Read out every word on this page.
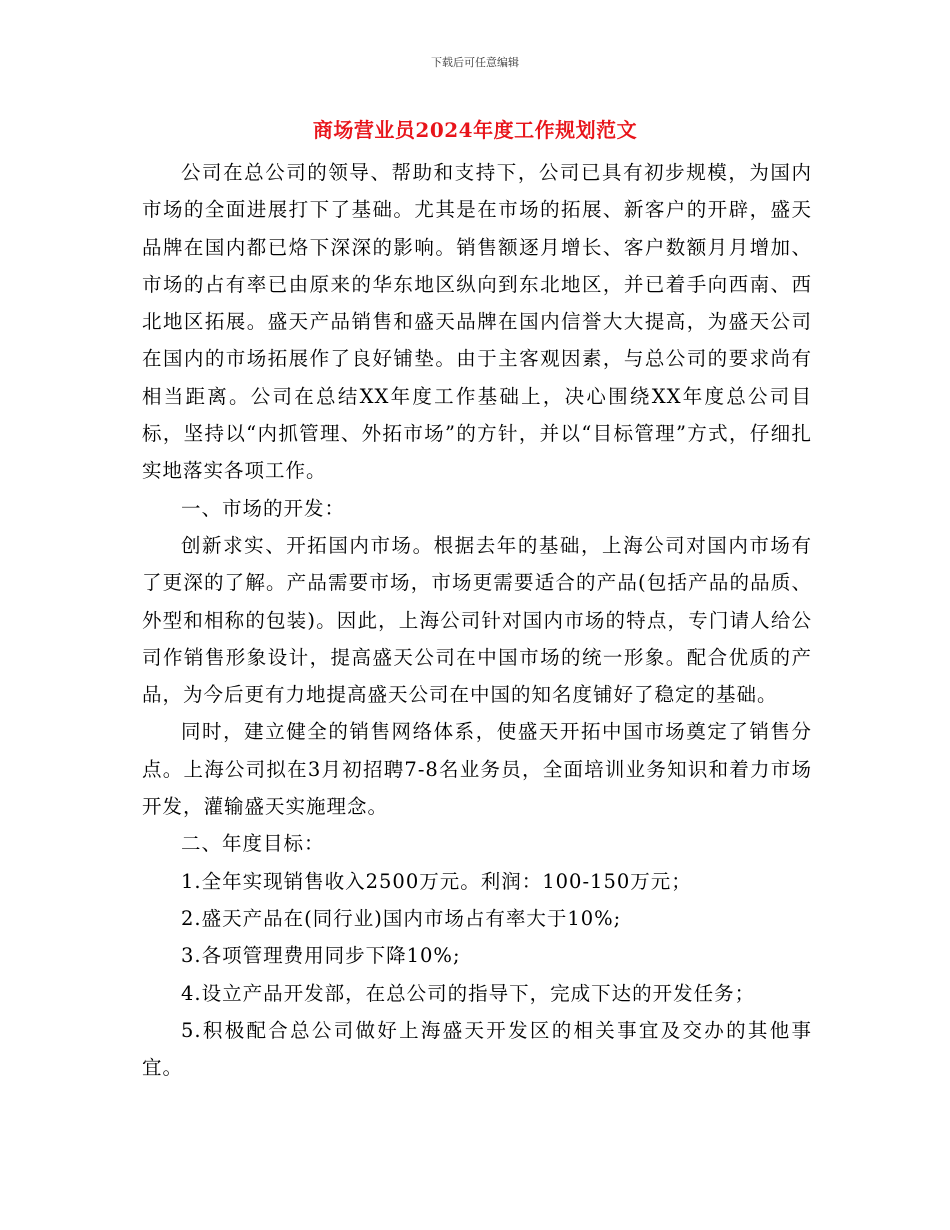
下载后可任意编辑
商场营业员2024年度工作规划范文

公司在总公司的领导、帮助和支持下，公司已具有初步规模，为国内市场的全面进展打下了基础。尤其是在市场的拓展、新客户的开辟，盛天品牌在国内都已烙下深深的影响。销售额逐月增长、客户数额月月增加、市场的占有率已由原来的华东地区纵向到东北地区，并已着手向西南、西北地区拓展。盛天产品销售和盛天品牌在国内信誉大大提高，为盛天公司在国内的市场拓展作了良好铺垫。由于主客观因素，与总公司的要求尚有相当距离。公司在总结XX年度工作基础上，决心围绕XX年度总公司目标，坚持以“内抓管理、外拓市场”的方针，并以“目标管理”方式，仔细扎实地落实各项工作。

一、市场的开发：

创新求实、开拓国内市场。根据去年的基础，上海公司对国内市场有了更深的了解。产品需要市场，市场更需要适合的产品(包括产品的品质、外型和相称的包装)。因此，上海公司针对国内市场的特点，专门请人给公司作销售形象设计，提高盛天公司在中国市场的统一形象。配合优质的产品，为今后更有力地提高盛天公司在中国的知名度铺好了稳定的基础。

同时，建立健全的销售网络体系，使盛天开拓中国市场奠定了销售分点。上海公司拟在3月初招聘7-8名业务员，全面培训业务知识和着力市场开发，灌输盛天实施理念。

二、年度目标：

1.全年实现销售收入2500万元。利润：100-150万元；

2.盛天产品在(同行业)国内市场占有率大于10%;

3.各项管理费用同步下降10%;

4.设立产品开发部，在总公司的指导下，完成下达的开发任务；

5.积极配合总公司做好上海盛天开发区的相关事宜及交办的其他事宜。
